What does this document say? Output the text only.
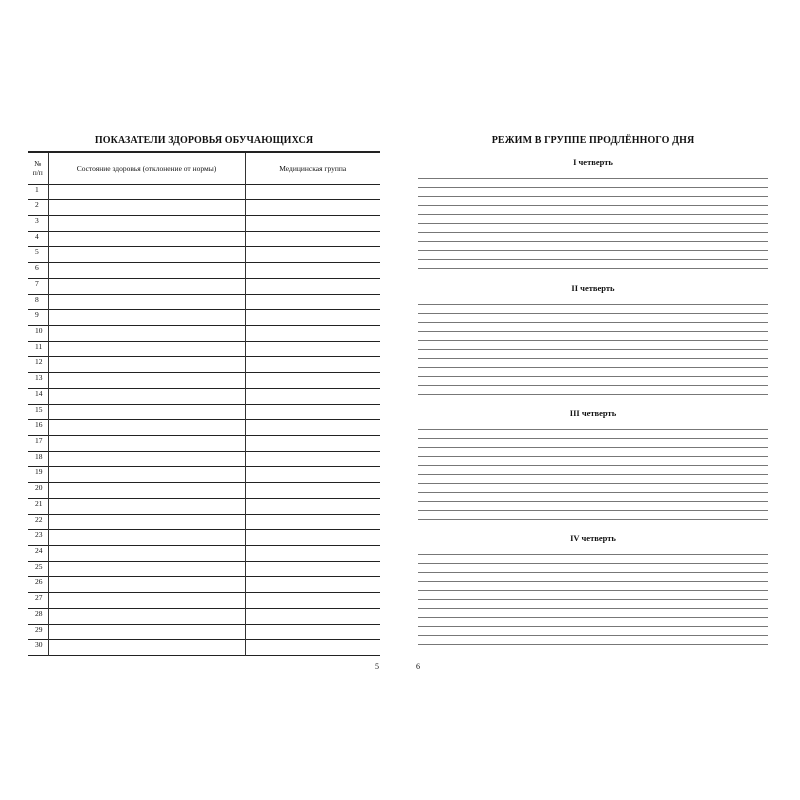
ПОКАЗАТЕЛИ ЗДОРОВЬЯ ОБУЧАЮЩИХСЯ
№
п/п	Состояние здоровья (отклонение от нормы)	Медицинская группа
1		
2		
3		
4		
5		
6		
7		
8		
9		
10		
11		
12		
13		
14		
15		
16		
17		
18		
19		
20		
21		
22		
23		
24		
25		
26		
27		
28		
29		
30		
5	6
РЕЖИМ В ГРУППЕ ПРОДЛЁННОГО ДНЯ
I четверть
II четверть
III четверть
IV четверть
